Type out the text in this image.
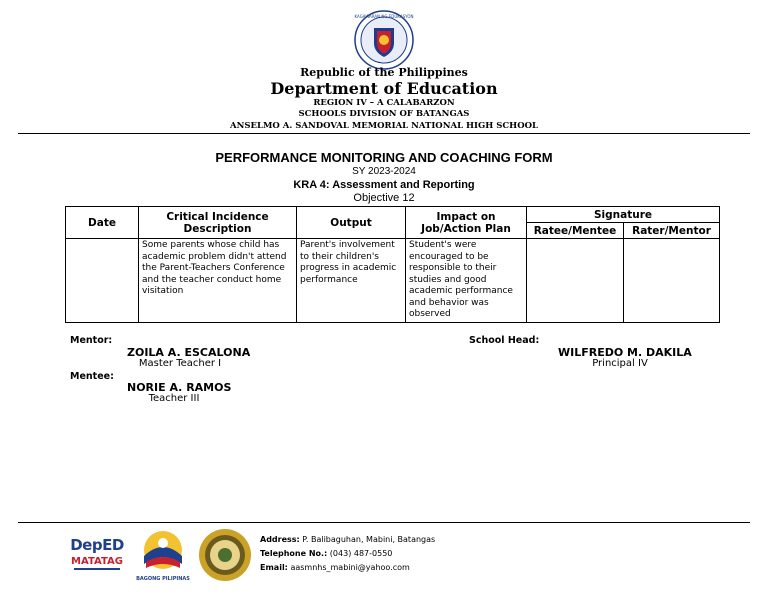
KAGAWARAN NG EDUKASYON
Republic of the Philippines
Department of Education
REGION IV – A CALABARZON
SCHOOLS DIVISION OF BATANGAS
ANSELMO A. SANDOVAL MEMORIAL NATIONAL HIGH SCHOOL
PERFORMANCE MONITORING AND COACHING FORM
SY 2023-2024
KRA 4: Assessment and Reporting
Objective 12
Date	Critical Incidence Description	Output	Impact on Job/Action Plan	Signature	
				Ratee/Mentee	Rater/Mentor
	Some parents whose child has academic problem didn't attend the Parent-Teachers Conference and the teacher conduct home visitation	Parent's involvement to their children's progress in academic performance	Student's were encouraged to be responsible to their studies and good academic performance and behavior was observed		
Mentor:
ZOILA A. ESCALONA
Master Teacher I
Mentee:
NORIE A. RAMOS
Teacher III
School Head:
WILFREDO M. DAKILA
Principal IV
DepED
MATATAG
BAGONG PILIPINAS
Address: P. Balibaguhan, Mabini, Batangas
Telephone No.: (043) 487-0550
Email: aasmnhs_mabini@yahoo.com
